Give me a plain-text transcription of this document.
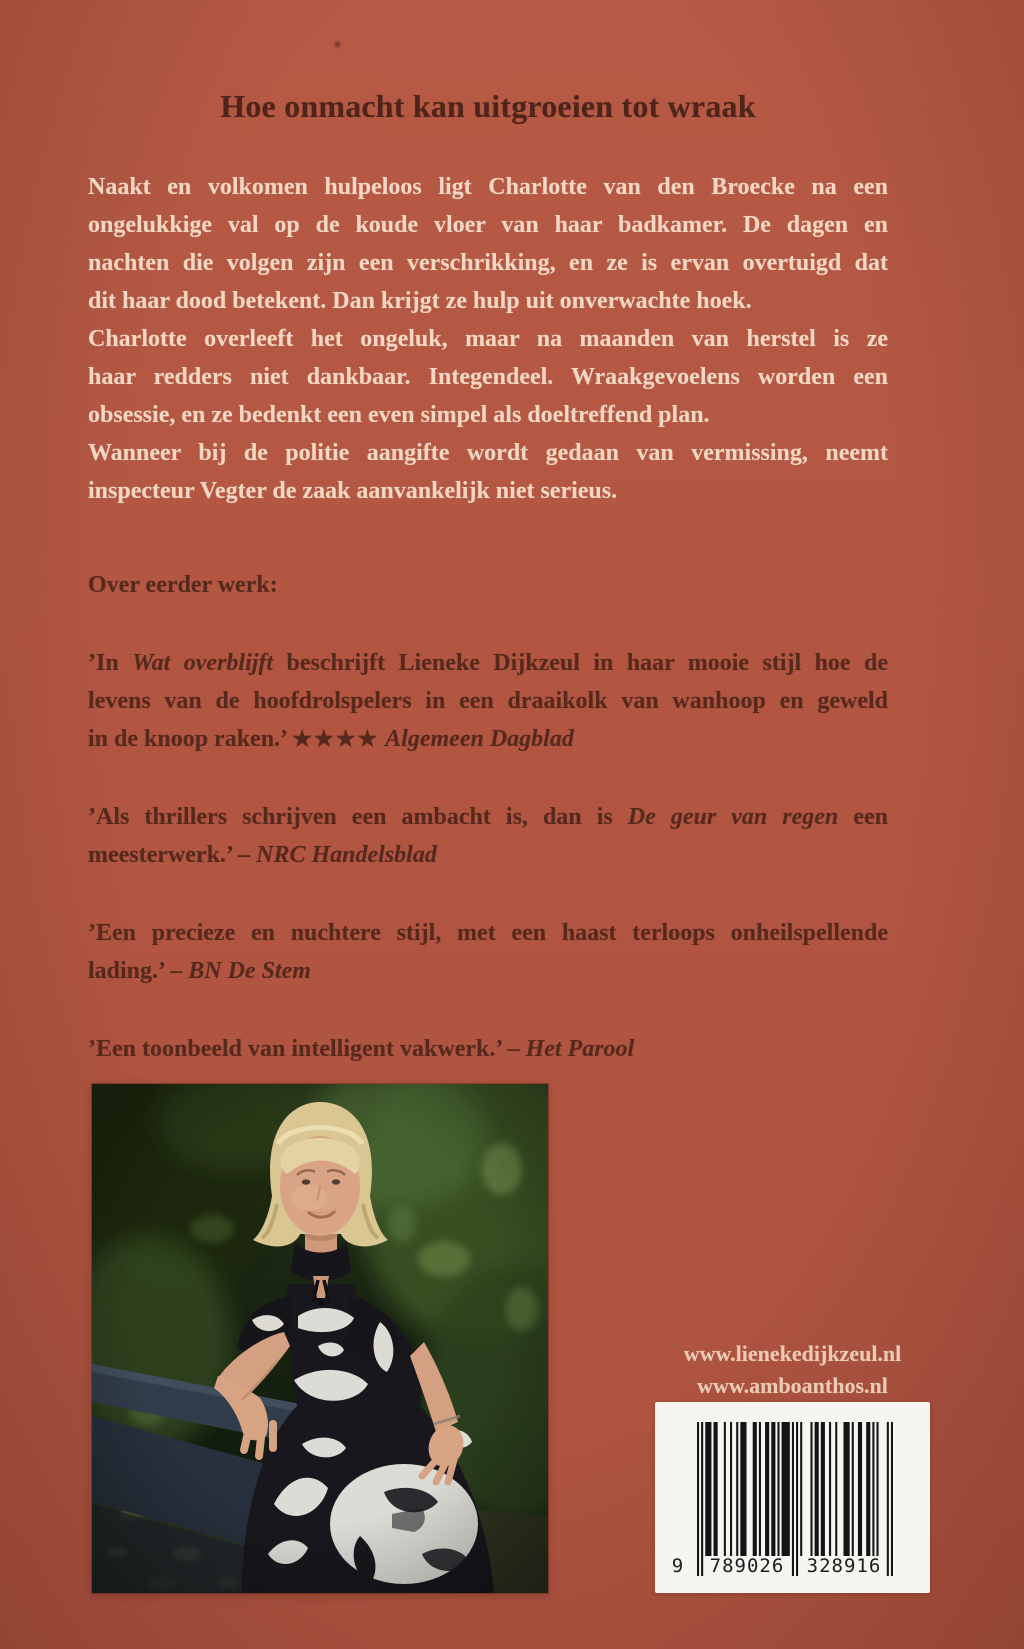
Hoe onmacht kan uitgroeien tot wraak
Naakt en volkomen hulpeloos ligt Charlotte van den Broecke na een
ongelukkige val op de koude vloer van haar badkamer. De dagen en
nachten die volgen zijn een verschrikking, en ze is ervan overtuigd dat
dit haar dood betekent. Dan krijgt ze hulp uit onverwachte hoek.
Charlotte overleeft het ongeluk, maar na maanden van herstel is ze
haar redders niet dankbaar. Integendeel. Wraakgevoelens worden een
obsessie, en ze bedenkt een even simpel als doeltreffend plan.
Wanneer bij de politie aangifte wordt gedaan van vermissing, neemt
inspecteur Vegter de zaak aanvankelijk niet serieus.
Over eerder werk:
’In Wat overblijft beschrijft Lieneke Dijkzeul in haar mooie stijl hoe de
levens van de hoofdrolspelers in een draaikolk van wanhoop en geweld
in de knoop raken.’ ★★★★ Algemeen Dagblad
’Als thrillers schrijven een ambacht is, dan is De geur van regen een
meesterwerk.’ – NRC Handelsblad
’Een precieze en nuchtere stijl, met een haast terloops onheilspellende
lading.’ – BN De Stem
’Een toonbeeld van intelligent vakwerk.’ – Het Parool
www.lienekedijkzeul.nl
www.amboanthos.nl
9	789026	328916
